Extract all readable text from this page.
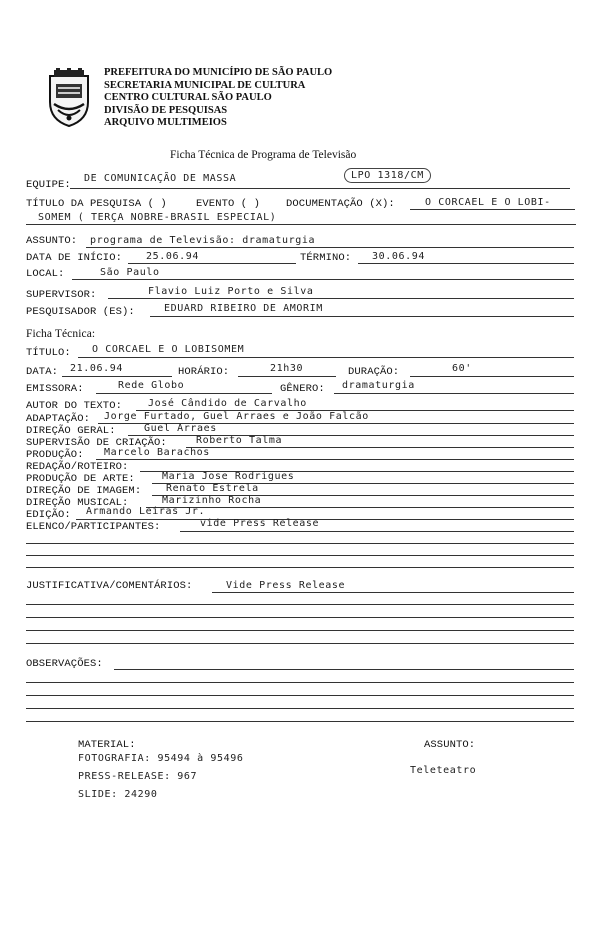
PREFEITURA DO MUNICÍPIO DE SÃO PAULO
SECRETARIA MUNICIPAL DE CULTURA
CENTRO CULTURAL SÃO PAULO
DIVISÃO DE PESQUISAS
ARQUIVO MULTIMEIOS
Ficha Técnica de Programa de Televisão
EQUIPE:
DE COMUNICAÇÃO DE MASSA	LPO 1318/CM
TÍTULO DA PESQUISA ( )	EVENTO ( ) DOCUMENTAÇÃO (X):	O CORCAEL E O LOBI-
SOMEM ( TERÇA NOBRE-BRASIL ESPECIAL)
ASSUNTO: programa de Televisão: dramaturgia
DATA DE INÍCIO: 25.06.94	TÉRMINO: 30.06.94
LOCAL:	São Paulo
SUPERVISOR:	Flavio Luiz Porto e Silva
PESQUISADOR (ES):	EDUARD RIBEIRO DE AMORIM
Ficha Técnica:
TÍTULO: O CORCAEL E O LOBISOMEM
DATA: 21.06.94	HORÁRIO:	21h30	DURAÇÃO:	60'
EMISSORA:	Rede Globo	GÊNERO: dramaturgia
AUTOR DO TEXTO:	José Cândido de Carvalho
ADAPTAÇÃO: Jorge Furtado, Guel Arraes e João Falcão
DIREÇÃO GERAL:	Guel Arraes
SUPERVISÃO DE CRIAÇÃO:	Roberto Talma
PRODUÇÃO: Marcelo Barachos
REDAÇÃO/ROTEIRO:
PRODUÇÃO DE ARTE:	Maria Jose Rodrigues
DIREÇÃO DE IMAGEM: Renato Estrela
DIREÇÃO MUSICAL:	Marizinho Rocha
EDIÇÃO: Armando Leiras Jr.
ELENCO/PARTICIPANTES:	vide Press Release
JUSTIFICATIVA/COMENTÁRIOS:	Vide Press Release
OBSERVAÇÕES:
MATERIAL:
FOTOGRAFIA: 95494 à 95496
PRESS-RELEASE: 967
SLIDE: 24290
ASSUNTO:
Teleteatro
